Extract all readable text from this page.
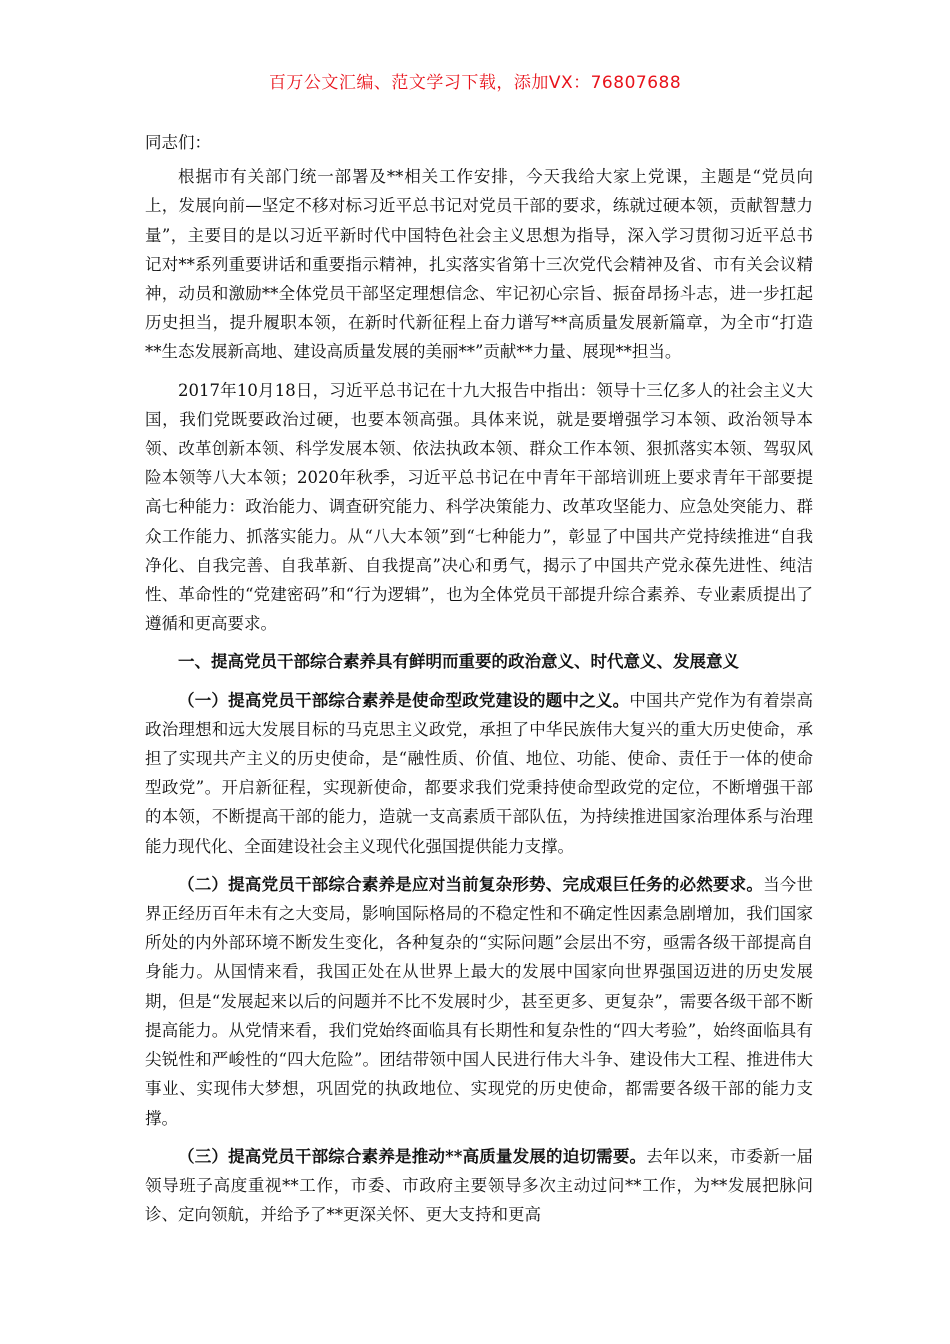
百万公文汇编、范文学习下载，添加VX：76807688

同志们：

根据市有关部门统一部署及**相关工作安排，今天我给大家上党课，主题是“党员向上，发展向前—坚定不移对标习近平总书记对党员干部的要求，练就过硬本领，贡献智慧力量”，主要目的是以习近平新时代中国特色社会主义思想为指导，深入学习贯彻习近平总书记对**系列重要讲话和重要指示精神，扎实落实省第十三次党代会精神及省、市有关会议精神，动员和激励**全体党员干部坚定理想信念、牢记初心宗旨、振奋昂扬斗志，进一步扛起历史担当，提升履职本领，在新时代新征程上奋力谱写**高质量发展新篇章，为全市“打造**生态发展新高地、建设高质量发展的美丽**”贡献**力量、展现**担当。

2017年10月18日，习近平总书记在十九大报告中指出：领导十三亿多人的社会主义大国，我们党既要政治过硬，也要本领高强。具体来说，就是要增强学习本领、政治领导本领、改革创新本领、科学发展本领、依法执政本领、群众工作本领、狠抓落实本领、驾驭风险本领等八大本领；2020年秋季，习近平总书记在中青年干部培训班上要求青年干部要提高七种能力：政治能力、调查研究能力、科学决策能力、改革攻坚能力、应急处突能力、群众工作能力、抓落实能力。从“八大本领”到“七种能力”，彰显了中国共产党持续推进“自我净化、自我完善、自我革新、自我提高”决心和勇气，揭示了中国共产党永葆先进性、纯洁性、革命性的“党建密码”和“行为逻辑”，也为全体党员干部提升综合素养、专业素质提出了遵循和更高要求。

一、提高党员干部综合素养具有鲜明而重要的政治意义、时代意义、发展意义

（一）提高党员干部综合素养是使命型政党建设的题中之义。中国共产党作为有着崇高政治理想和远大发展目标的马克思主义政党，承担了中华民族伟大复兴的重大历史使命，承担了实现共产主义的历史使命，是“融性质、价值、地位、功能、使命、责任于一体的使命型政党”。开启新征程，实现新使命，都要求我们党秉持使命型政党的定位，不断增强干部的本领，不断提高干部的能力，造就一支高素质干部队伍，为持续推进国家治理体系与治理能力现代化、全面建设社会主义现代化强国提供能力支撑。

（二）提高党员干部综合素养是应对当前复杂形势、完成艰巨任务的必然要求。当今世界正经历百年未有之大变局，影响国际格局的不稳定性和不确定性因素急剧增加，我们国家所处的内外部环境不断发生变化，各种复杂的“实际问题”会层出不穷，亟需各级干部提高自身能力。从国情来看，我国正处在从世界上最大的发展中国家向世界强国迈进的历史发展期，但是“发展起来以后的问题并不比不发展时少，甚至更多、更复杂”，需要各级干部不断提高能力。从党情来看，我们党始终面临具有长期性和复杂性的“四大考验”，始终面临具有尖锐性和严峻性的“四大危险”。团结带领中国人民进行伟大斗争、建设伟大工程、推进伟大事业、实现伟大梦想，巩固党的执政地位、实现党的历史使命，都需要各级干部的能力支撑。

（三）提高党员干部综合素养是推动**高质量发展的迫切需要。去年以来，市委新一届领导班子高度重视**工作，市委、市政府主要领导多次主动过问**工作，为**发展把脉问诊、定向领航，并给予了**更深关怀、更大支持和更高
